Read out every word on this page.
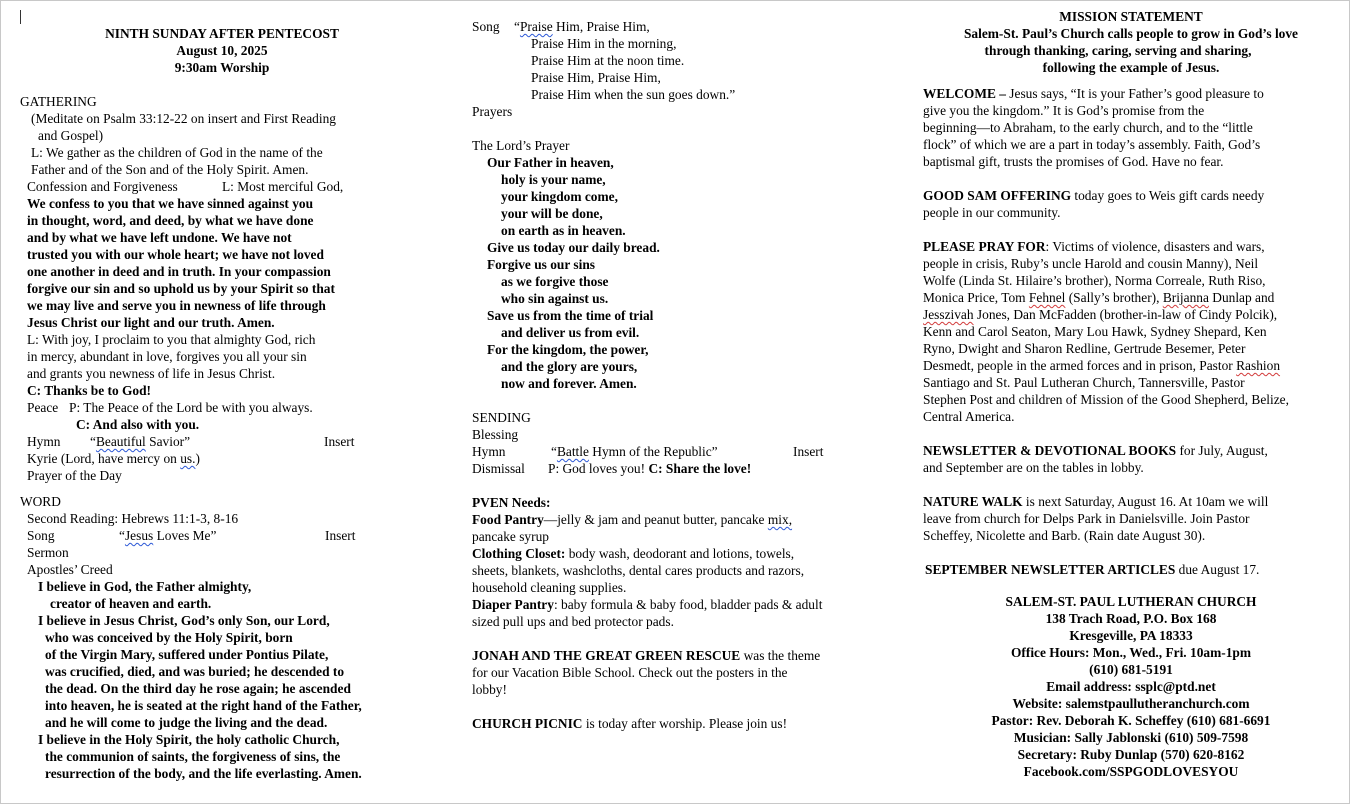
NINTH SUNDAY AFTER PENTECOST
August 10, 2025
9:30am Worship
GATHERING
(Meditate on Psalm 33:12-22 on insert and First Reading
and Gospel)
L: We gather as the children of God in the name of the
Father and of the Son and of the Holy Spirit. Amen.
Confession and Forgiveness	L: Most merciful God,
We confess to you that we have sinned against you
in thought, word, and deed, by what we have done
and by what we have left undone. We have not
trusted you with our whole heart; we have not loved
one another in deed and in truth. In your compassion
forgive our sin and so uphold us by your Spirit so that
we may live and serve you in newness of life through
Jesus Christ our light and our truth. Amen.
L: With joy, I proclaim to you that almighty God, rich
in mercy, abundant in love, forgives you all your sin
and grants you newness of life in Jesus Christ.
C: Thanks be to God!
Peace P: The Peace of the Lord be with you always.
C: And also with you.
Hymn “Beautiful Savior”	Insert
Kyrie (Lord, have mercy on us.)
Prayer of the Day
WORD
Second Reading: Hebrews 11:1-3, 8-16
Song	“Jesus Loves Me”	Insert
Sermon
Apostles’ Creed
I believe in God, the Father almighty,
creator of heaven and earth.
I believe in Jesus Christ, God’s only Son, our Lord,
who was conceived by the Holy Spirit, born
of the Virgin Mary, suffered under Pontius Pilate,
was crucified, died, and was buried; he descended to
the dead. On the third day he rose again; he ascended
into heaven, he is seated at the right hand of the Father,
and he will come to judge the living and the dead.
I believe in the Holy Spirit, the holy catholic Church,
the communion of saints, the forgiveness of sins, the
resurrection of the body, and the life everlasting. Amen.
Song “Praise Him, Praise Him,
Praise Him in the morning,
Praise Him at the noon time.
Praise Him, Praise Him,
Praise Him when the sun goes down.”
Prayers
The Lord’s Prayer
Our Father in heaven,
holy is your name,
your kingdom come,
your will be done,
on earth as in heaven.
Give us today our daily bread.
Forgive us our sins
as we forgive those
who sin against us.
Save us from the time of trial
and deliver us from evil.
For the kingdom, the power,
and the glory are yours,
now and forever. Amen.
SENDING
Blessing
Hymn	“Battle Hymn of the Republic”	Insert
Dismissal P: God loves you! C: Share the love!
PVEN Needs:
Food Pantry—jelly & jam and peanut butter, pancake mix,
pancake syrup
Clothing Closet: body wash, deodorant and lotions, towels,
sheets, blankets, washcloths, dental cares products and razors,
household cleaning supplies.
Diaper Pantry: baby formula & baby food, bladder pads & adult
sized pull ups and bed protector pads.
JONAH AND THE GREAT GREEN RESCUE was the theme
for our Vacation Bible School. Check out the posters in the
lobby!
CHURCH PICNIC is today after worship. Please join us!
MISSION STATEMENT
Salem-St. Paul’s Church calls people to grow in God’s love
through thanking, caring, serving and sharing,
following the example of Jesus.
WELCOME – Jesus says, “It is your Father’s good pleasure to
give you the kingdom.” It is God’s promise from the
beginning—to Abraham, to the early church, and to the “little
flock” of which we are a part in today’s assembly. Faith, God’s
baptismal gift, trusts the promises of God. Have no fear.
GOOD SAM OFFERING today goes to Weis gift cards needy
people in our community.
PLEASE PRAY FOR: Victims of violence, disasters and wars,
people in crisis, Ruby’s uncle Harold and cousin Manny), Neil
Wolfe (Linda St. Hilaire’s brother), Norma Correale, Ruth Riso,
Monica Price, Tom Fehnel (Sally’s brother), Brijanna Dunlap and
Jesszivah Jones, Dan McFadden (brother-in-law of Cindy Polcik),
Kenn and Carol Seaton, Mary Lou Hawk, Sydney Shepard, Ken
Ryno, Dwight and Sharon Redline, Gertrude Besemer, Peter
Desmedt, people in the armed forces and in prison, Pastor Rashion
Santiago and St. Paul Lutheran Church, Tannersville, Pastor
Stephen Post and children of Mission of the Good Shepherd, Belize,
Central America.
NEWSLETTER & DEVOTIONAL BOOKS for July, August,
and September are on the tables in lobby.
NATURE WALK is next Saturday, August 16. At 10am we will
leave from church for Delps Park in Danielsville. Join Pastor
Scheffey, Nicolette and Barb. (Rain date August 30).
SEPTEMBER NEWSLETTER ARTICLES due August 17.
SALEM-ST. PAUL LUTHERAN CHURCH
138 Trach Road, P.O. Box 168
Kresgeville, PA 18333
Office Hours: Mon., Wed., Fri. 10am-1pm
(610) 681-5191
Email address: ssplc@ptd.net
Website: salemstpaullutheranchurch.com
Pastor: Rev. Deborah K. Scheffey (610) 681-6691
Musician: Sally Jablonski (610) 509-7598
Secretary: Ruby Dunlap (570) 620-8162
Facebook.com/SSPGODLOVESYOU
